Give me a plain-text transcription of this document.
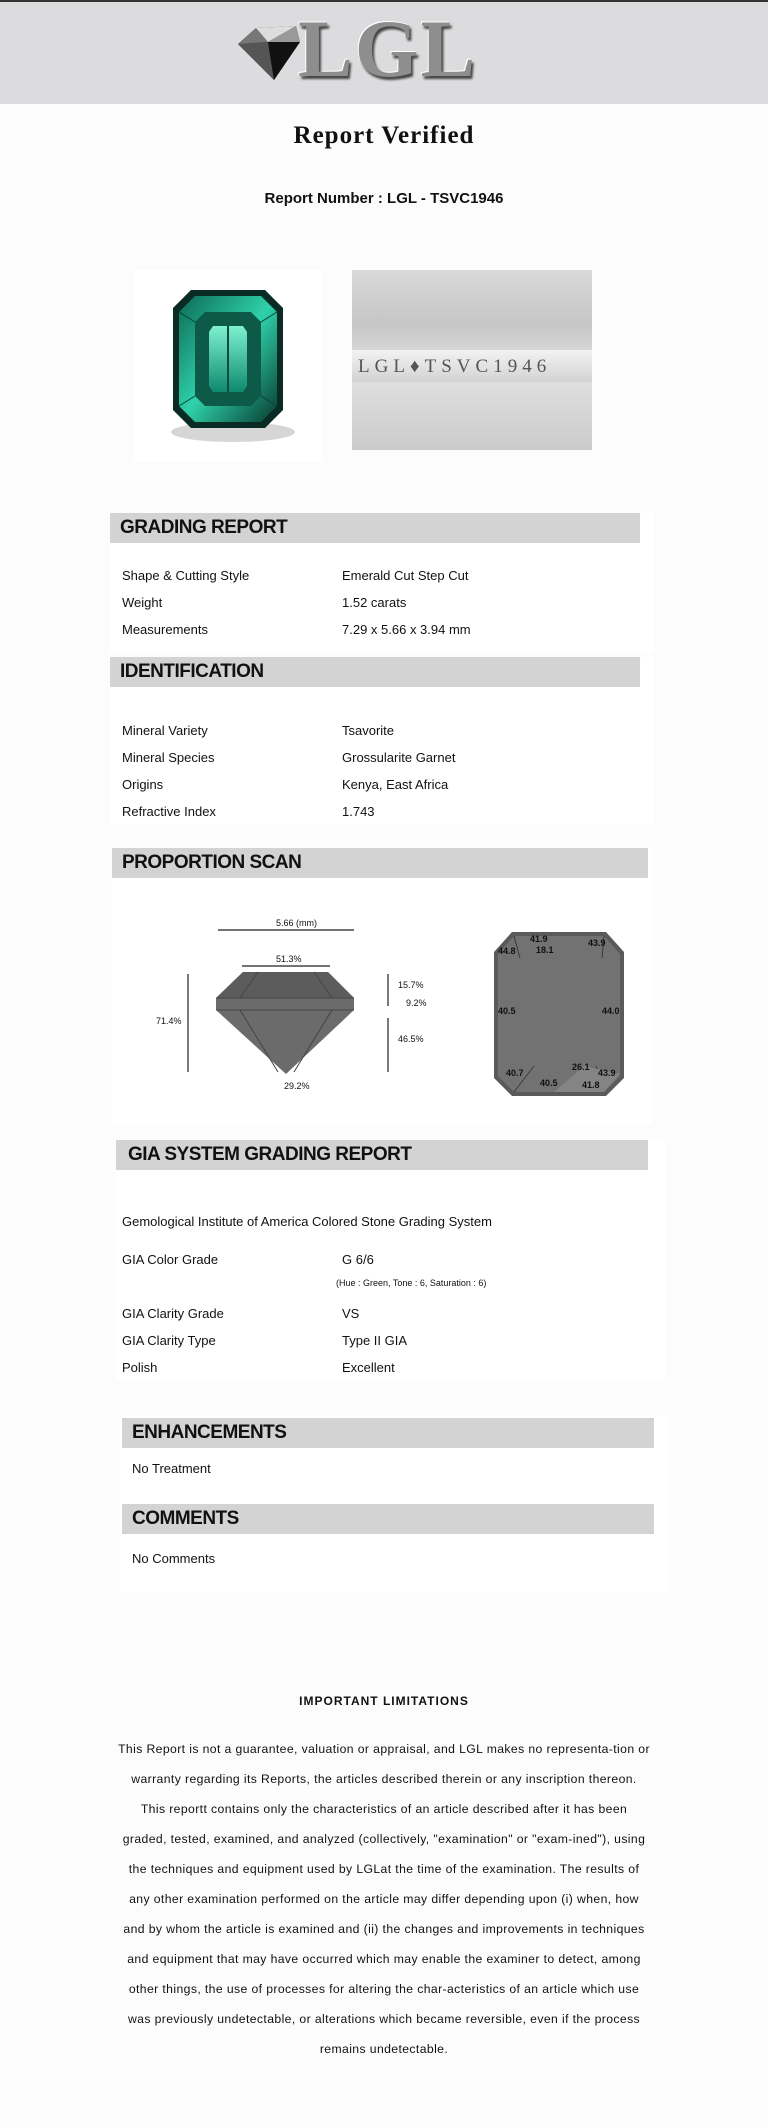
LGL
Report Verified
Report Number : LGL - TSVC1946
LGL♦TSVC1946
GRADING REPORT
Shape & Cutting Style	Emerald Cut Step Cut
Weight	1.52 carats
Measurements	7.29 x 5.66 x 3.94 mm
IDENTIFICATION
Mineral Variety	Tsavorite
Mineral Species	Grossularite Garnet
Origins	Kenya, East Africa
Refractive Index	1.743
PROPORTION SCAN
5.66 (mm)
51.3%
71.4%
15.7%
9.2%
46.5%
29.2%
41.9	43.9
44.8 18.1
40.5	44.0
26.1
40.7
40.5	41.8
43.9
GIA SYSTEM GRADING REPORT
Gemological Institute of America Colored Stone Grading System
GIA Color Grade	G 6/6
(Hue : Green, Tone : 6, Saturation : 6)
GIA Clarity Grade	VS
GIA Clarity Type	Type II GIA
Polish	Excellent
ENHANCEMENTS
No Treatment
COMMENTS
No Comments
IMPORTANT LIMITATIONS
This Report is not a guarantee, valuation or appraisal, and LGL makes no representa-tion or warranty regarding its Reports, the articles described therein or any inscription thereon. This reportt contains only the characteristics of an article described after it has been graded, tested, examined, and analyzed (collectively, "examination" or "exam-ined"), using the techniques and equipment used by LGLat the time of the examination. The results of any other examination performed on the article may differ depending upon (i) when, how and by whom the article is examined and (ii) the changes and improvements in techniques and equipment that may have occurred which may enable the examiner to detect, among other things, the use of processes for altering the char-acteristics of an article which use was previously undetectable, or alterations which became reversible, even if the process remains undetectable.
